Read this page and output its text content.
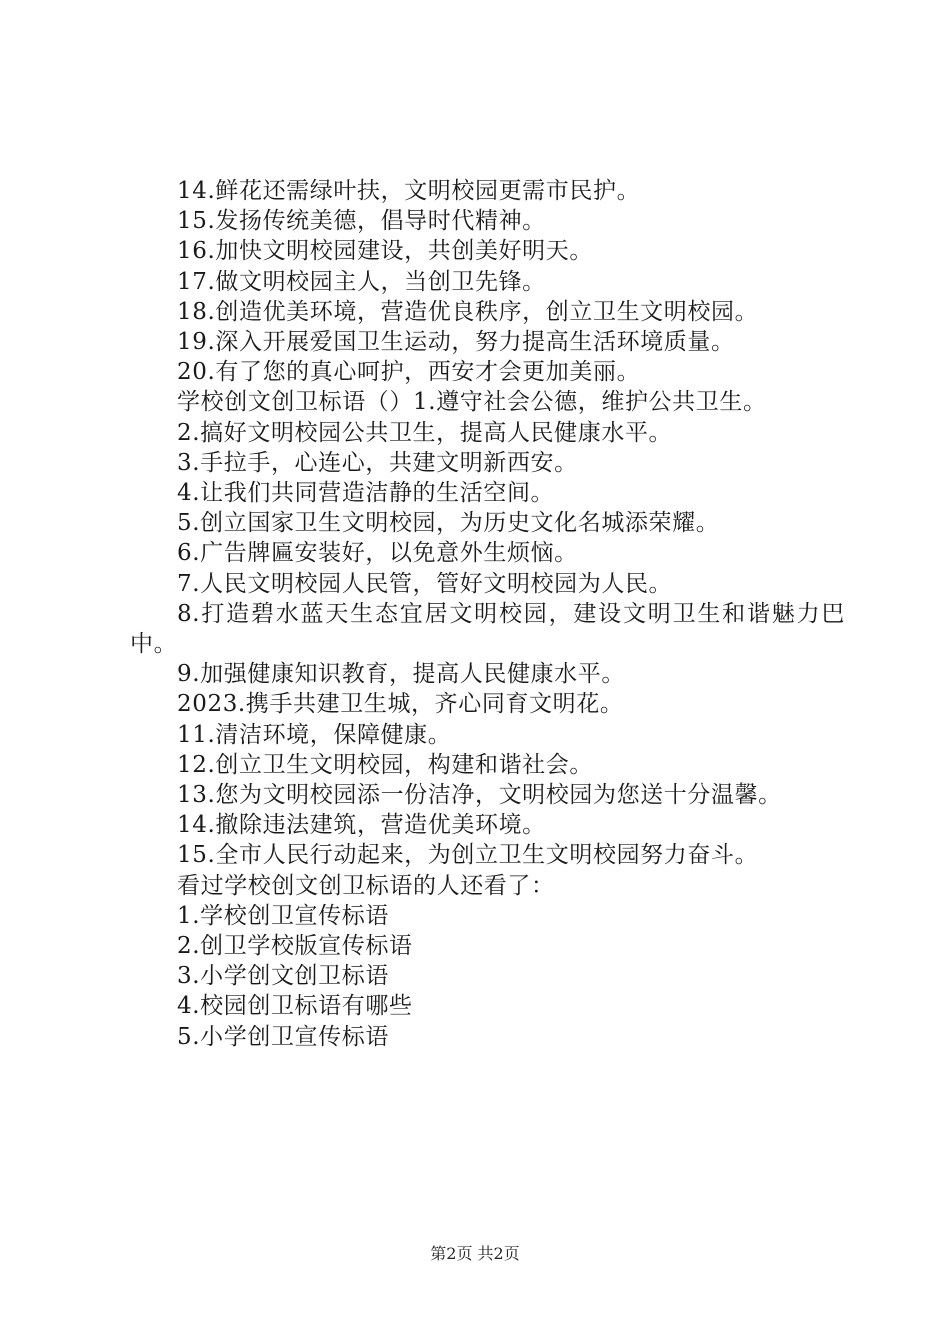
14.鲜花还需绿叶扶，文明校园更需市民护。
15.发扬传统美德，倡导时代精神。
16.加快文明校园建设，共创美好明天。
17.做文明校园主人，当创卫先锋。
18.创造优美环境，营造优良秩序，创立卫生文明校园。
19.深入开展爱国卫生运动，努力提高生活环境质量。
20.有了您的真心呵护，西安才会更加美丽。
学校创文创卫标语（）1.遵守社会公德，维护公共卫生。
2.搞好文明校园公共卫生，提高人民健康水平。
3.手拉手，心连心，共建文明新西安。
4.让我们共同营造洁静的生活空间。
5.创立国家卫生文明校园，为历史文化名城添荣耀。
6.广告牌匾安装好，以免意外生烦恼。
7.人民文明校园人民管，管好文明校园为人民。
8.打造碧水蓝天生态宜居文明校园，建设文明卫生和谐魅力巴中。
9.加强健康知识教育，提高人民健康水平。
2023.携手共建卫生城，齐心同育文明花。
11.清洁环境，保障健康。
12.创立卫生文明校园，构建和谐社会。
13.您为文明校园添一份洁净，文明校园为您送十分温馨。
14.撤除违法建筑，营造优美环境。
15.全市人民行动起来，为创立卫生文明校园努力奋斗。
看过学校创文创卫标语的人还看了：
1.学校创卫宣传标语
2.创卫学校版宣传标语
3.小学创文创卫标语
4.校园创卫标语有哪些
5.小学创卫宣传标语
第2页 共2页
